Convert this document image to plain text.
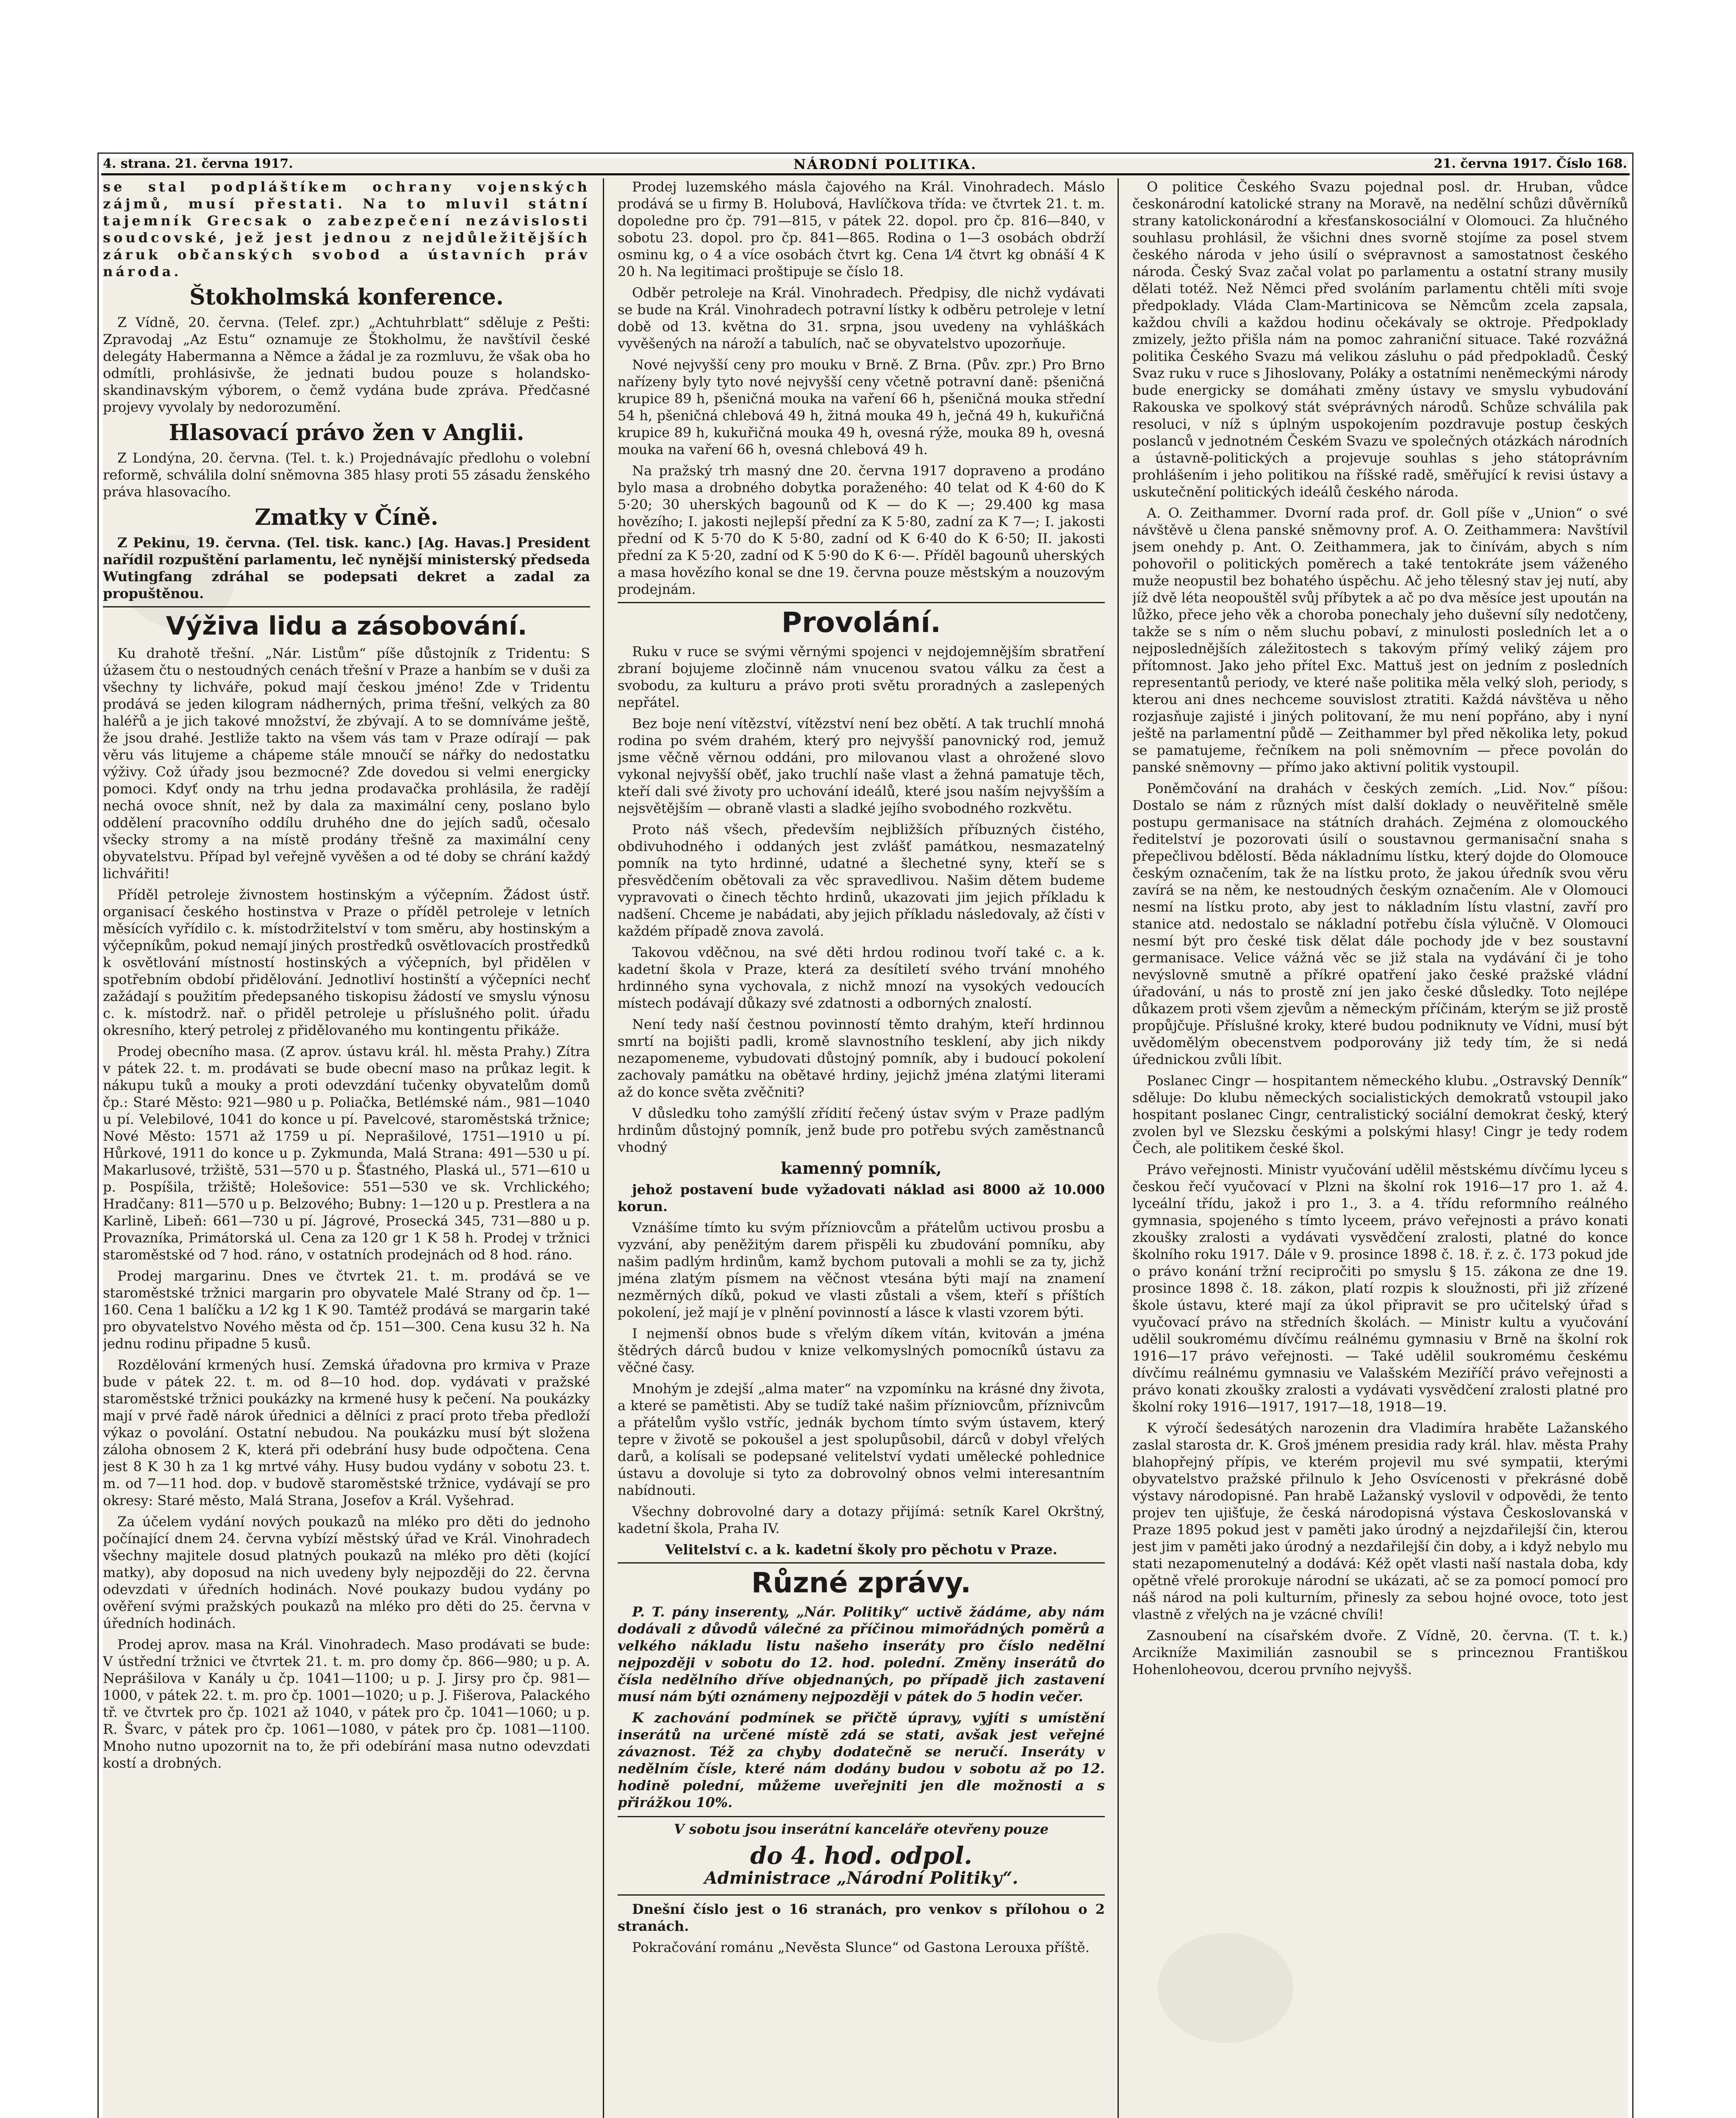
4. strana. 21. června 1917.	NÁRODNÍ POLITIKA.	21. června 1917. Číslo 168.

se stal podpláštíkem ochrany vojenských zájmů, musí přestati. Na to mluvil státní tajemník Grecsak o zabezpečení nezávislosti soudcovské, jež jest jednou z nejdůležitějších záruk občanských svobod a ústavních práv národa.

Štokholmská konference.

Z Vídně, 20. června. (Telef. zpr.) „Achtuhrblatt“ sděluje z Pešti: Zpravodaj „Az Estu“ oznamuje ze Štokholmu, že navštívil české delegáty Habermanna a Němce a žádal je za rozmluvu, že však oba ho odmítli, prohlásivše, že jednati budou pouze s holandsko-skandinavským výborem, o čemž vydána bude zpráva. Předčasné projevy vyvolaly by nedorozumění.

Hlasovací právo žen v Anglii.

Z Londýna, 20. června. (Tel. t. k.) Projednávajíc předlohu o volební reformě, schválila dolní sněmovna 385 hlasy proti 55 zásadu ženského práva hlasovacího.

Zmatky v Číně.

Z Pekinu, 19. června. (Tel. tisk. kanc.) [Ag. Havas.] President nařídil rozpuštění parlamentu, leč nynější ministerský předseda Wutingfang zdráhal se podepsati dekret a zadal za propuštěnou.

Výživa lidu a zásobování.

Ku drahotě třešní. „Nár. Listům“ píše důstojník z Tridentu: S úžasem čtu o nestoudných cenách třešní v Praze a hanbím se v duši za všechny ty lichváře, pokud mají českou jméno! Zde v Tridentu prodává se jeden kilogram nádherných, prima třešní, velkých za 80 haléřů a je jich takové množství, že zbývají. A to se domníváme ještě, že jsou drahé. Jestliže takto na všem vás tam v Praze odírají — pak věru vás litujeme a chápeme stále mnoučí se nářky do nedostatku výživy. Což úřady jsou bezmocné? Zde dovedou si velmi energicky pomoci. Kdyť ondy na trhu jedna prodavačka prohlásila, že radějí nechá ovoce shnít, než by dala za maximální ceny, poslano bylo oddělení pracovního oddílu druhého dne do jejích sadů, očesalo všecky stromy a na místě prodány třešně za maximální ceny obyvatelstvu. Případ byl veřejně vyvěšen a od té doby se chrání každý lichvářiti!

Příděl petroleje živnostem hostinským a výčepním. Žádost ústř. organisací českého hostinstva v Praze o příděl petroleje v letních měsících vyřídilo c. k. místodržitelství v tom směru, aby hostinským a výčepníkům, pokud nemají jiných prostředků osvětlovacích prostředků k osvětlování místností hostinských a výčepních, byl přidělen v spotřebním období přidělování. Jednotliví hostinští a výčepníci nechť zažádají s použitím předepsaného tiskopisu žádostí ve smyslu výnosu c. k. místodrž. nař. o přiděl petroleje u příslušného polit. úřadu okresního, který petrolej z přidělovaného mu kontingentu přikáže.

Prodej obecního masa. (Z aprov. ústavu král. hl. města Prahy.) Zítra v pátek 22. t. m. prodávati se bude obecní maso na průkaz legit. k nákupu tuků a mouky a proti odevzdání tučenky obyvatelům domů čp.: Staré Město: 921—980 u p. Poliačka, Betlémské nám., 981—1040 u pí. Velebilové, 1041 do konce u pí. Pavelcové, staroměstská tržnice; Nové Město: 1571 až 1759 u pí. Neprašilové, 1751—1910 u pí. Hůrkové, 1911 do konce u p. Zykmunda, Malá Strana: 491—530 u pí. Makarlusové, tržiště, 531—570 u p. Šťastného, Plaská ul., 571—610 u p. Pospíšila, tržiště; Holešovice: 551—530 ve sk. Vrchlického; Hradčany: 811—570 u p. Belzového; Bubny: 1—120 u p. Prestlera a na Karlině, Libeň: 661—730 u pí. Jágrové, Prosecká 345, 731—880 u p. Provazníka, Primátorská ul. Cena za 120 gr 1 K 58 h. Prodej v tržnici staroměstské od 7 hod. ráno, v ostatních prodejnách od 8 hod. ráno.

Prodej margarinu. Dnes ve čtvrtek 21. t. m. prodává se ve staroměstské tržnici margarin pro obyvatele Malé Strany od čp. 1—160. Cena 1 balíčku a 1⁄2 kg 1 K 90. Tamtéž prodává se margarin také pro obyvatelstvo Nového města od čp. 151—300. Cena kusu 32 h. Na jednu rodinu připadne 5 kusů.

Rozdělování krmených husí. Zemská úřadovna pro krmiva v Praze bude v pátek 22. t. m. od 8—10 hod. dop. vydávati v pražské staroměstské tržnici poukázky na krmené husy k pečení. Na poukázky mají v prvé řadě nárok úřednici a dělníci z prací proto třeba předloží výkaz o povolání. Ostatní nebudou. Na poukázku musí být složena záloha obnosem 2 K, která při odebrání husy bude odpočtena. Cena jest 8 K 30 h za 1 kg mrtvé váhy. Husy budou vydány v sobotu 23. t. m. od 7—11 hod. dop. v budově staroměstské tržnice, vydávají se pro okresy: Staré město, Malá Strana, Josefov a Král. Vyšehrad.

Za účelem vydání nových poukazů na mléko pro děti do jednoho počínající dnem 24. června vybízí městský úřad ve Král. Vinohradech všechny majitele dosud platných poukazů na mléko pro děti (kojící matky), aby doposud na nich uvedeny byly nejpozději do 22. června odevzdati v úředních hodinách. Nové poukazy budou vydány po ověření svými pražských poukazů na mléko pro děti do 25. června v úředních hodinách.

Prodej aprov. masa na Král. Vinohradech. Maso prodávati se bude: V ústřední tržnici ve čtvrtek 21. t. m. pro domy čp. 866—980; u p. A. Neprášilova v Kanály u čp. 1041—1100; u p. J. Jirsy pro čp. 981—1000, v pátek 22. t. m. pro čp. 1001—1020; u p. J. Fišerova, Palackého tř. ve čtvrtek pro čp. 1021 až 1040, v pátek pro čp. 1041—1060; u p. R. Švarc, v pátek pro čp. 1061—1080, v pátek pro čp. 1081—1100. Mnoho nutno upozornit na to, že při odebírání masa nutno odevzdati kostí a drobných.

Prodej luzemského másla čajového na Král. Vinohradech. Máslo prodává se u firmy B. Holubová, Havlíčkova třída: ve čtvrtek 21. t. m. dopoledne pro čp. 791—815, v pátek 22. dopol. pro čp. 816—840, v sobotu 23. dopol. pro čp. 841—865. Rodina o 1—3 osobách obdrží osminu kg, o 4 a více osobách čtvrt kg. Cena 1⁄4 čtvrt kg obnáší 4 K 20 h. Na legitimaci proštipuje se číslo 18.

Odběr petroleje na Král. Vinohradech. Předpisy, dle nichž vydávati se bude na Král. Vinohradech potravní lístky k odběru petroleje v letní době od 13. května do 31. srpna, jsou uvedeny na vyhláškách vyvěšených na nároží a tabulích, nač se obyvatelstvo upozorňuje.

Nové nejvyšší ceny pro mouku v Brně. Z Brna. (Pův. zpr.) Pro Brno nařízeny byly tyto nové nejvyšší ceny včetně potravní daně: pšeničná krupice 89 h, pšeničná mouka na vaření 66 h, pšeničná mouka střední 54 h, pšeničná chlebová 49 h, žitná mouka 49 h, ječná 49 h, kukuřičná krupice 89 h, kukuřičná mouka 49 h, ovesná rýže, mouka 89 h, ovesná mouka na vaření 66 h, ovesná chlebová 49 h.

Na pražský trh masný dne 20. června 1917 dopraveno a prodáno bylo masa a drobného dobytka poraženého: 40 telat od K 4·60 do K 5·20; 30 uherských bagounů od K — do K —; 29.400 kg masa hovězího; I. jakosti nejlepší přední za K 5·80, zadní za K 7—; I. jakosti přední od K 5·70 do K 5·80, zadní od K 6·40 do K 6·50; II. jakosti přední za K 5·20, zadní od K 5·90 do K 6·—. Příděl bagounů uherských a masa hovězího konal se dne 19. června pouze městským a nouzovým prodejnám.

Provolání.

Ruku v ruce se svými věrnými spojenci v nejdojemnějším sbratření zbraní bojujeme zločinně nám vnucenou svatou válku za čest a svobodu, za kulturu a právo proti světu proradných a zaslepených nepřátel.

Bez boje není vítězství, vítězství není bez obětí. A tak truchlí mnohá rodina po svém drahém, který pro nejvyšší panovnický rod, jemuž jsme věčně věrnou oddáni, pro milovanou vlast a ohrožené slovo vykonal nejvyšší oběť, jako truchlí naše vlast a žehná pamatuje těch, kteří dali své životy pro uchování ideálů, které jsou naším nejvyšším a nejsvětějším — obraně vlasti a sladké jejího svobodného rozkvětu.

Proto náš všech, především nejbližších příbuzných čistého, obdivuhodného i oddaných jest zvlášť památkou, nesmazatelný pomník na tyto hrdinné, udatné a šlechetné syny, kteří se s přesvědčením obětovali za věc spravedlivou. Našim dětem budeme vypravovati o činech těchto hrdinů, ukazovati jim jejich příkladu k nadšení. Chceme je nabádati, aby jejich příkladu následovaly, až čísti v každém případě znova zavolá.

Takovou vděčnou, na své děti hrdou rodinou tvoří také c. a k. kadetní škola v Praze, která za desítiletí svého trvání mnohého hrdinného syna vychovala, z nichž mnozí na vysokých vedoucích místech podávají důkazy své zdatnosti a odborných znalostí.

Není tedy naší čestnou povinností těmto drahým, kteří hrdinnou smrtí na bojišti padli, kromě slavnostního tesklení, aby jich nikdy nezapomeneme, vybudovati důstojný pomník, aby i budoucí pokolení zachovaly památku na obětavé hrdiny, jejichž jména zlatými literami až do konce světa zvěčniti?

V důsledku toho zamýšlí zřídití řečený ústav svým v Praze padlým hrdinům důstojný pomník, jenž bude pro potřebu svých zaměstnanců vhodný

kamenný pomník,

jehož postavení bude vyžadovati náklad asi 8000 až 10.000 korun.

Vznášíme tímto ku svým přízniovcům a přátelům uctivou prosbu a vyzvání, aby peněžitým darem přispěli ku zbudování pomníku, aby našim padlým hrdinům, kamž bychom putovali a mohli se za ty, jichž jména zlatým písmem na věčnost vtesána býti mají na znamení nezměrných díků, pokud ve vlasti zůstali a všem, kteří s příštích pokolení, jež mají je v plnění povinností a lásce k vlasti vzorem býti.

I nejmenší obnos bude s vřelým díkem vítán, kvitován a jména štědrých dárců budou v knize velkomyslných pomocníků ústavu za věčné časy.

Mnohým je zdejší „alma mater“ na vzpomínku na krásné dny života, a které se pamětisti. Aby se tudíž také našim přízniovcům, příznivcům a přátelům vyšlo vstříc, jednák bychom tímto svým ústavem, který tepre v životě se pokoušel a jest spolupůsobil, dárců v dobyl vřelých darů, a kolísali se podepsané velitelství vydati umělecké pohlednice ústavu a dovoluje si tyto za dobrovolný obnos velmi interesantním nabídnouti.

Všechny dobrovolné dary a dotazy přijímá: setník Karel Okrštný, kadetní škola, Praha IV.

Velitelství c. a k. kadetní školy pro pěchotu v Praze.

Různé zprávy.

P. T. pány inserenty, „Nár. Politiky“ uctivě žádáme, aby nám dodávali z důvodů válečné za příčinou mimořádných poměrů a velkého nákladu listu našeho inseráty pro číslo nedělní nejpozději v sobotu do 12. hod. polední. Změny inserátů do čísla nedělního dříve objednaných, po případě jich zastavení musí nám býti oznámeny nejpozději v pátek do 5 hodin večer.

K zachování podmínek se přičtě úpravy, vyjíti s umístění inserátů na určené místě zdá se stati, avšak jest veřejné závaznost. Též za chyby dodatečně se neručí. Inseráty v nedělním čísle, které nám dodány budou v sobotu až po 12. hodině polední, můžeme uveřejniti jen dle možnosti a s přirážkou 10%.

V sobotu jsou inserátní kanceláře otevřeny pouze

do 4. hod. odpol.

Administrace „Národní Politiky“.

Dnešní číslo jest o 16 stranách, pro venkov s přílohou o 2 stranách.

Pokračování románu „Nevěsta Slunce“ od Gastona Lerouxa příště.

O politice Českého Svazu pojednal posl. dr. Hruban, vůdce českonárodní katolické strany na Moravě, na nedělní schůzi důvěrníků strany katolickonárodní a křesťanskosociální v Olomouci. Za hlučného souhlasu prohlásil, že všichni dnes svorně stojíme za posel stvem českého národa v jeho úsilí o svépravnost a samostatnost českého národa. Český Svaz začal volat po parlamentu a ostatní strany musily dělati totéž. Než Němci před svoláním parlamentu chtěli míti svoje předpoklady. Vláda Clam-Martinicova se Němcům zcela zapsala, každou chvíli a každou hodinu očekávaly se oktroje. Předpoklady zmizely, ježto přišla nám na pomoc zahraniční situace. Také rozvážná politika Českého Svazu má velikou zásluhu o pád předpokladů. Český Svaz ruku v ruce s Jihoslovany, Poláky a ostatními neněmeckými národy bude energicky se domáhati změny ústavy ve smyslu vybudování Rakouska ve spolkový stát svéprávných národů. Schůze schválila pak resoluci, v níž s úplným uspokojením pozdravuje postup českých poslanců v jednotném Českém Svazu ve společných otázkách národních a ústavně-politických a projevuje souhlas s jeho státoprávním prohlášením i jeho politikou na říšské radě, směřující k revisi ústavy a uskutečnění politických ideálů českého národa.

A. O. Zeithammer. Dvorní rada prof. dr. Goll píše v „Union“ o své návštěvě u člena panské sněmovny prof. A. O. Zeithammera: Navštívil jsem onehdy p. Ant. O. Zeithammera, jak to činívám, abych s ním pohovořil o politických poměrech a také tentokráte jsem váženého muže neopustil bez bohatého úspěchu. Ač jeho tělesný stav jej nutí, aby jíž dvě léta neopouštěl svůj příbytek a ač po dva měsíce jest upoután na lůžko, přece jeho věk a choroba ponechaly jeho duševní síly nedotčeny, takže se s ním o něm sluchu pobaví, z minulosti posledních let a o nejposlednějších záležitostech s takovým přímý veliký zájem pro přítomnost. Jako jeho přítel Exc. Mattuš jest on jedním z posledních representantů periody, ve které naše politika měla velký sloh, periody, s kterou ani dnes nechceme souvislost ztratiti. Každá návštěva u něho rozjasňuje zajisté i jiných politovaní, že mu není popřáno, aby i nyní ještě na parlamentní půdě — Zeithammer byl před několika lety, pokud se pamatujeme, řečníkem na poli sněmovním — přece povolán do panské sněmovny — přímo jako aktivní politik vystoupil.

Poněmčování na drahách v českých zemích. „Lid. Nov.“ píšou: Dostalo se nám z různých míst další doklady o neuvěřitelně směle postupu germanisace na státních drahách. Zejména z olomouckého ředitelství je pozorovati úsilí o soustavnou germanisační snaha s přepečlivou bdělostí. Běda nákladnímu lístku, který dojde do Olomouce českým označením, tak že na lístku proto, že jakou úředník svou věru zavírá se na něm, ke nestoudných českým označením. Ale v Olomouci nesmí na lístku proto, aby jest to nákladním lístu vlastní, zavří pro stanice atd. nedostalo se nákladní potřebu čísla výlučně. V Olomouci nesmí být pro české tisk dělat dále pochody jde v bez soustavní germanisace. Velice vážná věc se již stala na vydávání či je toho nevýslovně smutně a příkré opatření jako české pražské vládní úřadování, u nás to prostě zní jen jako české důsledky. Toto nejlépe důkazem proti všem zjevům a německým příčinám, kterým se již prostě propůjčuje. Příslušné kroky, které budou podniknuty ve Vídni, musí být uvědomělým obecenstvem podporovány již tedy tím, že si nedá úřednickou zvůli líbit.

Poslanec Cingr — hospitantem německého klubu. „Ostravský Denník“ sděluje: Do klubu německých socialistických demokratů vstoupil jako hospitant poslanec Cingr, centralistický sociální demokrat český, který zvolen byl ve Slezsku českými a polskými hlasy! Cingr je tedy rodem Čech, ale politikem české škol.

Právo veřejnosti. Ministr vyučování udělil městskému dívčímu lyceu s českou řečí vyučovací v Plzni na školní rok 1916—17 pro 1. až 4. lyceální třídu, jakož i pro 1., 3. a 4. třídu reformního reálného gymnasia, spojeného s tímto lyceem, právo veřejnosti a právo konati zkoušky zralosti a vydávati vysvědčení zralosti, platné do konce školního roku 1917. Dále v 9. prosince 1898 č. 18. ř. z. č. 173 pokud jde o právo konání tržní recipročiti po smyslu § 15. zákona ze dne 19. prosince 1898 č. 18. zákon, platí rozpis k sloužnosti, při již zřízené škole ústavu, které mají za úkol připravit se pro učitelský úřad s vyučovací právo na středních školách. — Ministr kultu a vyučování udělil soukromému dívčímu reálnému gymnasiu v Brně na školní rok 1916—17 právo veřejnosti. — Také udělil soukromému českému dívčímu reálnému gymnasiu ve Valašském Meziříčí právo veřejnosti a právo konati zkoušky zralosti a vydávati vysvědčení zralosti platné pro školní roky 1916—1917, 1917—18, 1918—19.

K výročí šedesátých narozenin dra Vladimíra hraběte Lažanského zaslal starosta dr. K. Groš jménem presidia rady král. hlav. města Prahy blahopřejný přípis, ve kterém projevil mu své sympatii, kterými obyvatelstvo pražské přilnulo k Jeho Osvícenosti v překrásné době výstavy národopisné. Pan hrabě Lažanský vyslovil v odpovědi, že tento projev ten ujišťuje, že česká národopisná výstava Českoslovanská v Praze 1895 pokud jest v paměti jako úrodný a nejzdařilejší čin, kterou jest jim v paměti jako úrodný a nezdařilejší čin doby, a i když nebylo mu stati nezapomenutelný a dodává: Kéž opět vlasti naší nastala doba, kdy opětně vřelé prorokuje národní se ukázati, ač se za pomocí pomocí pro náš národ na poli kulturním, přinesly za sebou hojné ovoce, toto jest vlastně z vřelých na je vzácné chvíli!

Zasnoubení na císařském dvoře. Z Vídně, 20. června. (T. t. k.) Arcikníže Maximilián zasnoubil se s princeznou Františkou Hohenloheovou, dcerou prvního nejvyšš.
